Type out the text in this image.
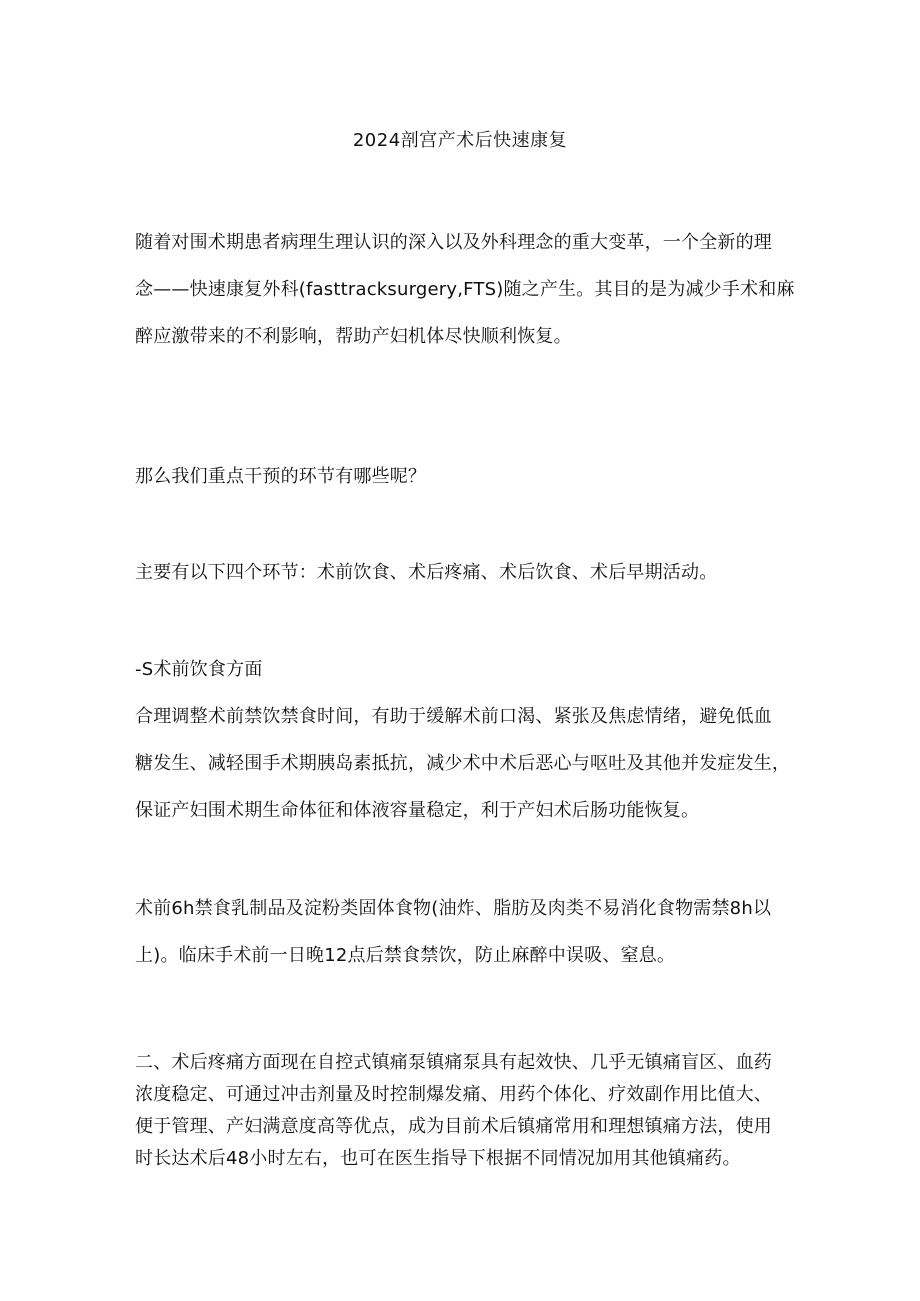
2024剖宫产术后快速康复

随着对围术期患者病理生理认识的深入以及外科理念的重大变革，一个全新的理

念——快速康复外科(fasttracksurgery,FTS)随之产生。其目的是为减少手术和麻

醉应激带来的不利影响，帮助产妇机体尽快顺利恢复。

那么我们重点干预的环节有哪些呢？
主要有以下四个环节：术前饮食、术后疼痛、术后饮食、术后早期活动。
-S术前饮食方面

合理调整术前禁饮禁食时间，有助于缓解术前口渴、紧张及焦虑情绪，避免低血

糖发生、减轻围手术期胰岛素抵抗，减少术中术后恶心与呕吐及其他并发症发生，

保证产妇围术期生命体征和体液容量稳定，利于产妇术后肠功能恢复。

术前6h禁食乳制品及淀粉类固体食物(油炸、脂肪及肉类不易消化食物需禁8h以

上)。临床手术前一日晚12点后禁食禁饮，防止麻醉中误吸、窒息。

二、术后疼痛方面现在自控式镇痛泵镇痛泵具有起效快、几乎无镇痛盲区、血药

浓度稳定、可通过冲击剂量及时控制爆发痛、用药个体化、疗效副作用比值大、

便于管理、产妇满意度高等优点，成为目前术后镇痛常用和理想镇痛方法，使用

时长达术后48小时左右，也可在医生指导下根据不同情况加用其他镇痛药。
